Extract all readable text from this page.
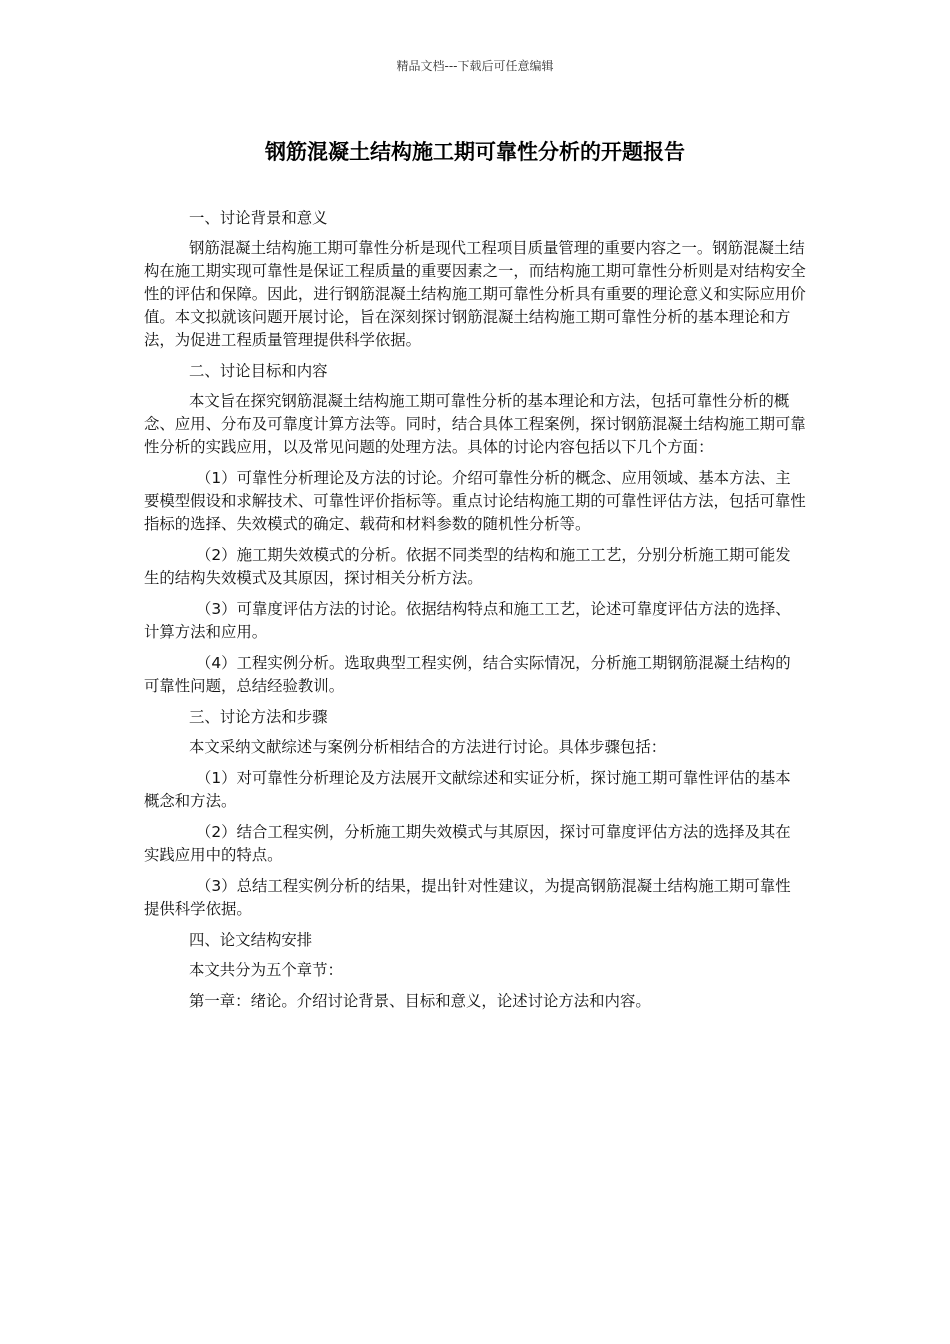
精品文档---下载后可任意编辑
钢筋混凝土结构施工期可靠性分析的开题报告

一、讨论背景和意义

钢筋混凝土结构施工期可靠性分析是现代工程项目质量管理的重要内容之一。钢筋混凝土结构在施工期实现可靠性是保证工程质量的重要因素之一，而结构施工期可靠性分析则是对结构安全性的评估和保障。因此，进行钢筋混凝土结构施工期可靠性分析具有重要的理论意义和实际应用价值。本文拟就该问题开展讨论，旨在深刻探讨钢筋混凝土结构施工期可靠性分析的基本理论和方法，为促进工程质量管理提供科学依据。

二、讨论目标和内容

本文旨在探究钢筋混凝土结构施工期可靠性分析的基本理论和方法，包括可靠性分析的概念、应用、分布及可靠度计算方法等。同时，结合具体工程案例，探讨钢筋混凝土结构施工期可靠性分析的实践应用，以及常见问题的处理方法。具体的讨论内容包括以下几个方面：

（1）可靠性分析理论及方法的讨论。介绍可靠性分析的概念、应用领域、基本方法、主要模型假设和求解技术、可靠性评价指标等。重点讨论结构施工期的可靠性评估方法，包括可靠性指标的选择、失效模式的确定、载荷和材料参数的随机性分析等。

（2）施工期失效模式的分析。依据不同类型的结构和施工工艺，分别分析施工期可能发生的结构失效模式及其原因，探讨相关分析方法。

（3）可靠度评估方法的讨论。依据结构特点和施工工艺，论述可靠度评估方法的选择、计算方法和应用。

（4）工程实例分析。选取典型工程实例，结合实际情况，分析施工期钢筋混凝土结构的可靠性问题，总结经验教训。

三、讨论方法和步骤

本文采纳文献综述与案例分析相结合的方法进行讨论。具体步骤包括：

（1）对可靠性分析理论及方法展开文献综述和实证分析，探讨施工期可靠性评估的基本概念和方法。

（2）结合工程实例，分析施工期失效模式与其原因，探讨可靠度评估方法的选择及其在实践应用中的特点。

（3）总结工程实例分析的结果，提出针对性建议，为提高钢筋混凝土结构施工期可靠性提供科学依据。

四、论文结构安排

本文共分为五个章节：

第一章：绪论。介绍讨论背景、目标和意义，论述讨论方法和内容。
